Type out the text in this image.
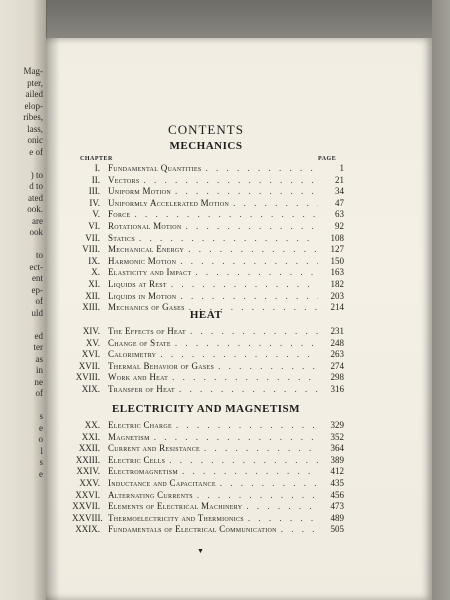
Mag-
pter,
ailed
elop-
ribes,
lass,
onic
e of
) to
d to
ated
ook.
are
ook
to
ect-
ent
ep-
of
uld
ed
ter
as
in
ne
of
s
e
o
l
s
e
CONTENTS
MECHANICS
CHAPTER	PAGE
I. Fundamental Quantities . . .	1
II. Vectors . . .	21
III. Uniform Motion . . .	34
IV. Uniformly Accelerated Motion . . .	47
V. Force . . .	63
VI. Rotational Motion . . .	92
VII. Statics . . .	108
VIII. Mechanical Energy . . .	127
IX. Harmonic Motion . . .	150
X. Elasticity and Impact . . .	163
XI. Liquids at Rest . . .	182
XII. Liquids in Motion . . .	203
XIII. Mechanics of Gases . . .	214
HEAT
XIV. The Effects of Heat . . .	231
XV. Change of State . . .	248
XVI. Calorimetry . . .	263
XVII. Thermal Behavior of Gases . . .	274
XVIII. Work and Heat . . .	298
XIX. Transfer of Heat . . .	316
ELECTRICITY AND MAGNETISM
XX. Electric Charge . . .	329
XXI. Magnetism . . .	352
XXII. Current and Resistance . . .	364
XXIII. Electric Cells . . .	389
XXIV. Electromagnetism . . .	412
XXV. Inductance and Capacitance . . .	435
XXVI. Alternating Currents . . .	456
XXVII. Elements of Electrical Machinery . . .	473
XXVIII. Thermoelectricity and Thermionics . . .	489
XXIX. Fundamentals of Electrical Communication . . .	505
▼
